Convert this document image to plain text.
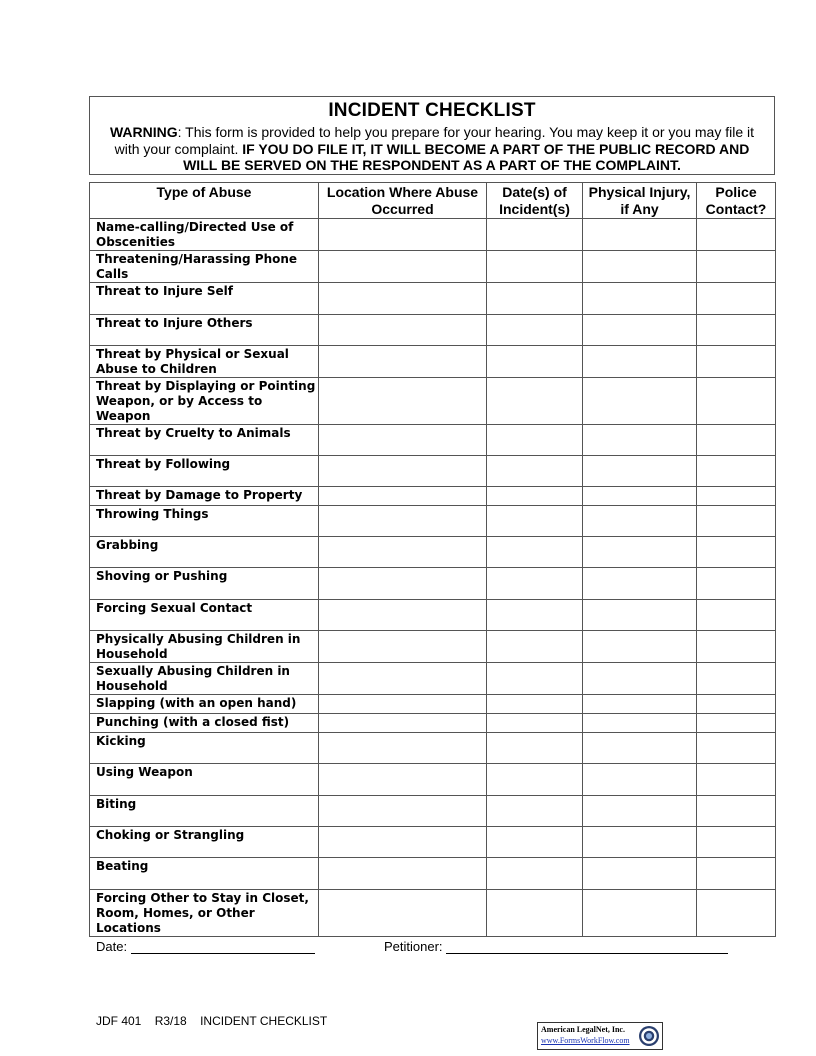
INCIDENT CHECKLIST
WARNING: This form is provided to help you prepare for your hearing. You may keep it or you may file it with your complaint. IF YOU DO FILE IT, IT WILL BECOME A PART OF THE PUBLIC RECORD AND WILL BE SERVED ON THE RESPONDENT AS A PART OF THE COMPLAINT.
Type of Abuse	Location Where Abuse Occurred	Date(s) of Incident(s)	Physical Injury, if Any	Police Contact?
Name-calling/Directed Use of Obscenities				
Threatening/Harassing Phone Calls				
Threat to Injure Self				
Threat to Injure Others				
Threat by Physical or Sexual Abuse to Children				
Threat by Displaying or Pointing Weapon, or by Access to Weapon				
Threat by Cruelty to Animals				
Threat by Following				
Threat by Damage to Property				
Throwing Things				
Grabbing				
Shoving or Pushing				
Forcing Sexual Contact				
Physically Abusing Children in Household				
Sexually Abusing Children in Household				
Slapping (with an open hand)				
Punching (with a closed fist)				
Kicking				
Using Weapon				
Biting				
Choking or Strangling				
Beating				
Forcing Other to Stay in Closet, Room, Homes, or Other Locations				
Date:	Petitioner:
JDF 401 R3/18 INCIDENT CHECKLIST
American LegalNet, Inc.
www.FormsWorkFlow.com
